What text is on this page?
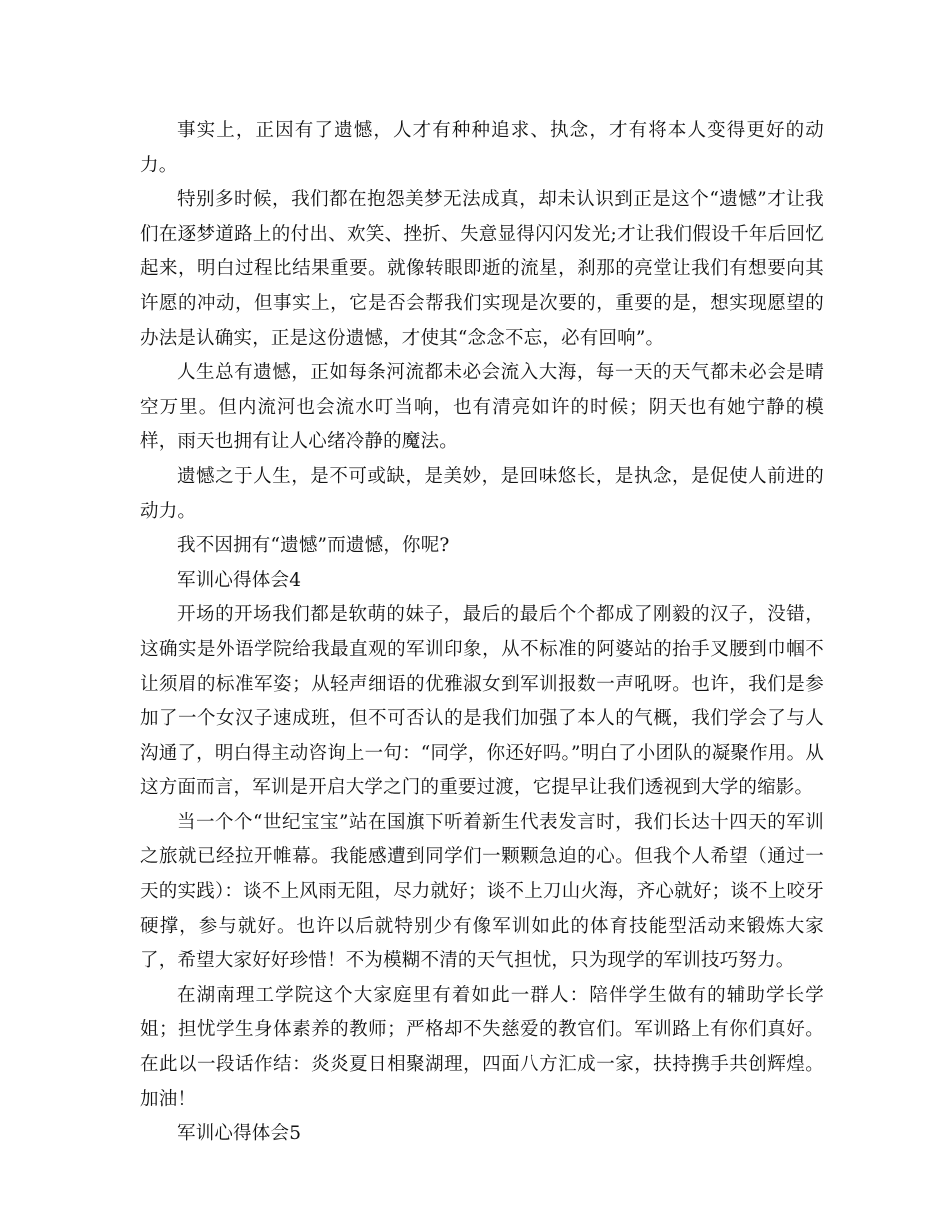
事实上，正因有了遗憾，人才有种种追求、执念，才有将本人变得更好的动力。

特别多时候，我们都在抱怨美梦无法成真，却未认识到正是这个“遗憾”才让我们在逐梦道路上的付出、欢笑、挫折、失意显得闪闪发光;才让我们假设千年后回忆起来，明白过程比结果重要。就像转眼即逝的流星，刹那的亮堂让我们有想要向其许愿的冲动，但事实上，它是否会帮我们实现是次要的，重要的是，想实现愿望的办法是认确实，正是这份遗憾，才使其“念念不忘，必有回响”。

人生总有遗憾，正如每条河流都未必会流入大海，每一天的天气都未必会是晴空万里。但内流河也会流水叮当响，也有清亮如许的时候；阴天也有她宁静的模样，雨天也拥有让人心绪冷静的魔法。

遗憾之于人生，是不可或缺，是美妙，是回味悠长，是执念，是促使人前进的动力。

我不因拥有“遗憾”而遗憾，你呢?

军训心得体会4

开场的开场我们都是软萌的妹子，最后的最后个个都成了刚毅的汉子，没错，这确实是外语学院给我最直观的军训印象，从不标准的阿婆站的抬手叉腰到巾帼不让须眉的标准军姿；从轻声细语的优雅淑女到军训报数一声吼呀。也许，我们是参加了一个女汉子速成班，但不可否认的是我们加强了本人的气概，我们学会了与人沟通了，明白得主动咨询上一句：“同学，你还好吗。”明白了小团队的凝聚作用。从这方面而言，军训是开启大学之门的重要过渡，它提早让我们透视到大学的缩影。

当一个个“世纪宝宝”站在国旗下听着新生代表发言时，我们长达十四天的军训之旅就已经拉开帷幕。我能感遭到同学们一颗颗急迫的心。但我个人希望（通过一天的实践）：谈不上风雨无阻，尽力就好；谈不上刀山火海，齐心就好；谈不上咬牙硬撑，参与就好。也许以后就特别少有像军训如此的体育技能型活动来锻炼大家了，希望大家好好珍惜！不为模糊不清的天气担忧，只为现学的军训技巧努力。

在湖南理工学院这个大家庭里有着如此一群人：陪伴学生做有的辅助学长学姐；担忧学生身体素养的教师；严格却不失慈爱的教官们。军训路上有你们真好。在此以一段话作结：炎炎夏日相聚湖理，四面八方汇成一家，扶持携手共创辉煌。加油！

军训心得体会5
